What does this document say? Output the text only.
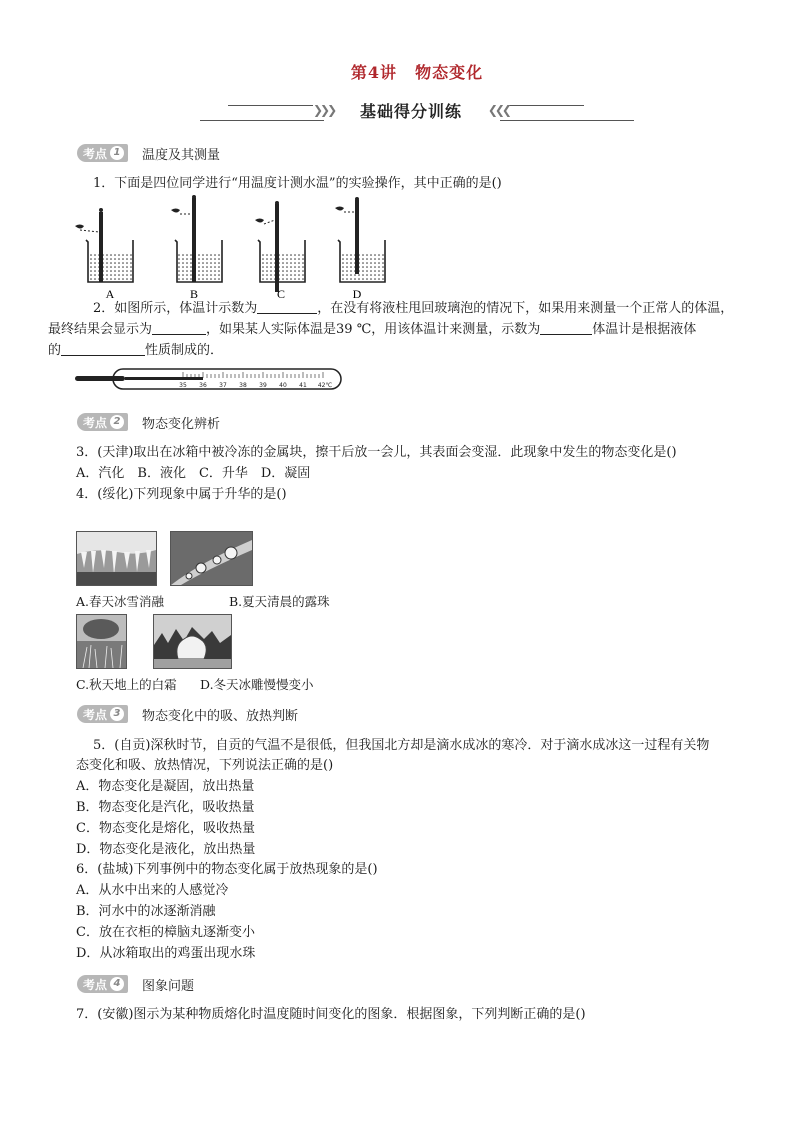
第4讲 物态变化
❯❯❯ 基础得分训练 ❮❮❮
考点 1 温度及其测量
1．下面是四位同学进行“用温度计测水温”的实验操作，其中正确的是()
A	B	C	D
2．如图所示，体温计示数为	，在没有将液柱甩回玻璃泡的情况下，如果用来测量一个正常人的体温，
最终结果会显示为	，如果某人实际体温是39 ℃，用该体温计来测量，示数为	体温计是根据液体
的	性质制成的．
35 36 37 38 39 40 41 42℃
考点 2 物态变化辨析
3．(天津)取出在冰箱中被冷冻的金属块，擦干后放一会儿，其表面会变湿．此现象中发生的物态变化是()
A．汽化　B．液化　C．升华　D．凝固
4．(绥化)下列现象中属于升华的是()
A.春天冰雪消融	B.夏天清晨的露珠
C.秋天地上的白霜 D.冬天冰雕慢慢变小
考点 3 物态变化中的吸、放热判断
5．(自贡)深秋时节，自贡的气温不是很低，但我国北方却是滴水成冰的寒冷．对于滴水成冰这一过程有关物
态变化和吸、放热情况，下列说法正确的是()
A．物态变化是凝固，放出热量
B．物态变化是汽化，吸收热量
C．物态变化是熔化，吸收热量
D．物态变化是液化，放出热量
6．(盐城)下列事例中的物态变化属于放热现象的是()
A．从水中出来的人感觉冷
B．河水中的冰逐渐消融
C．放在衣柜的樟脑丸逐渐变小
D．从冰箱取出的鸡蛋出现水珠
考点 4 图象问题
7．(安徽)图示为某种物质熔化时温度随时间变化的图象．根据图象，下列判断正确的是()
